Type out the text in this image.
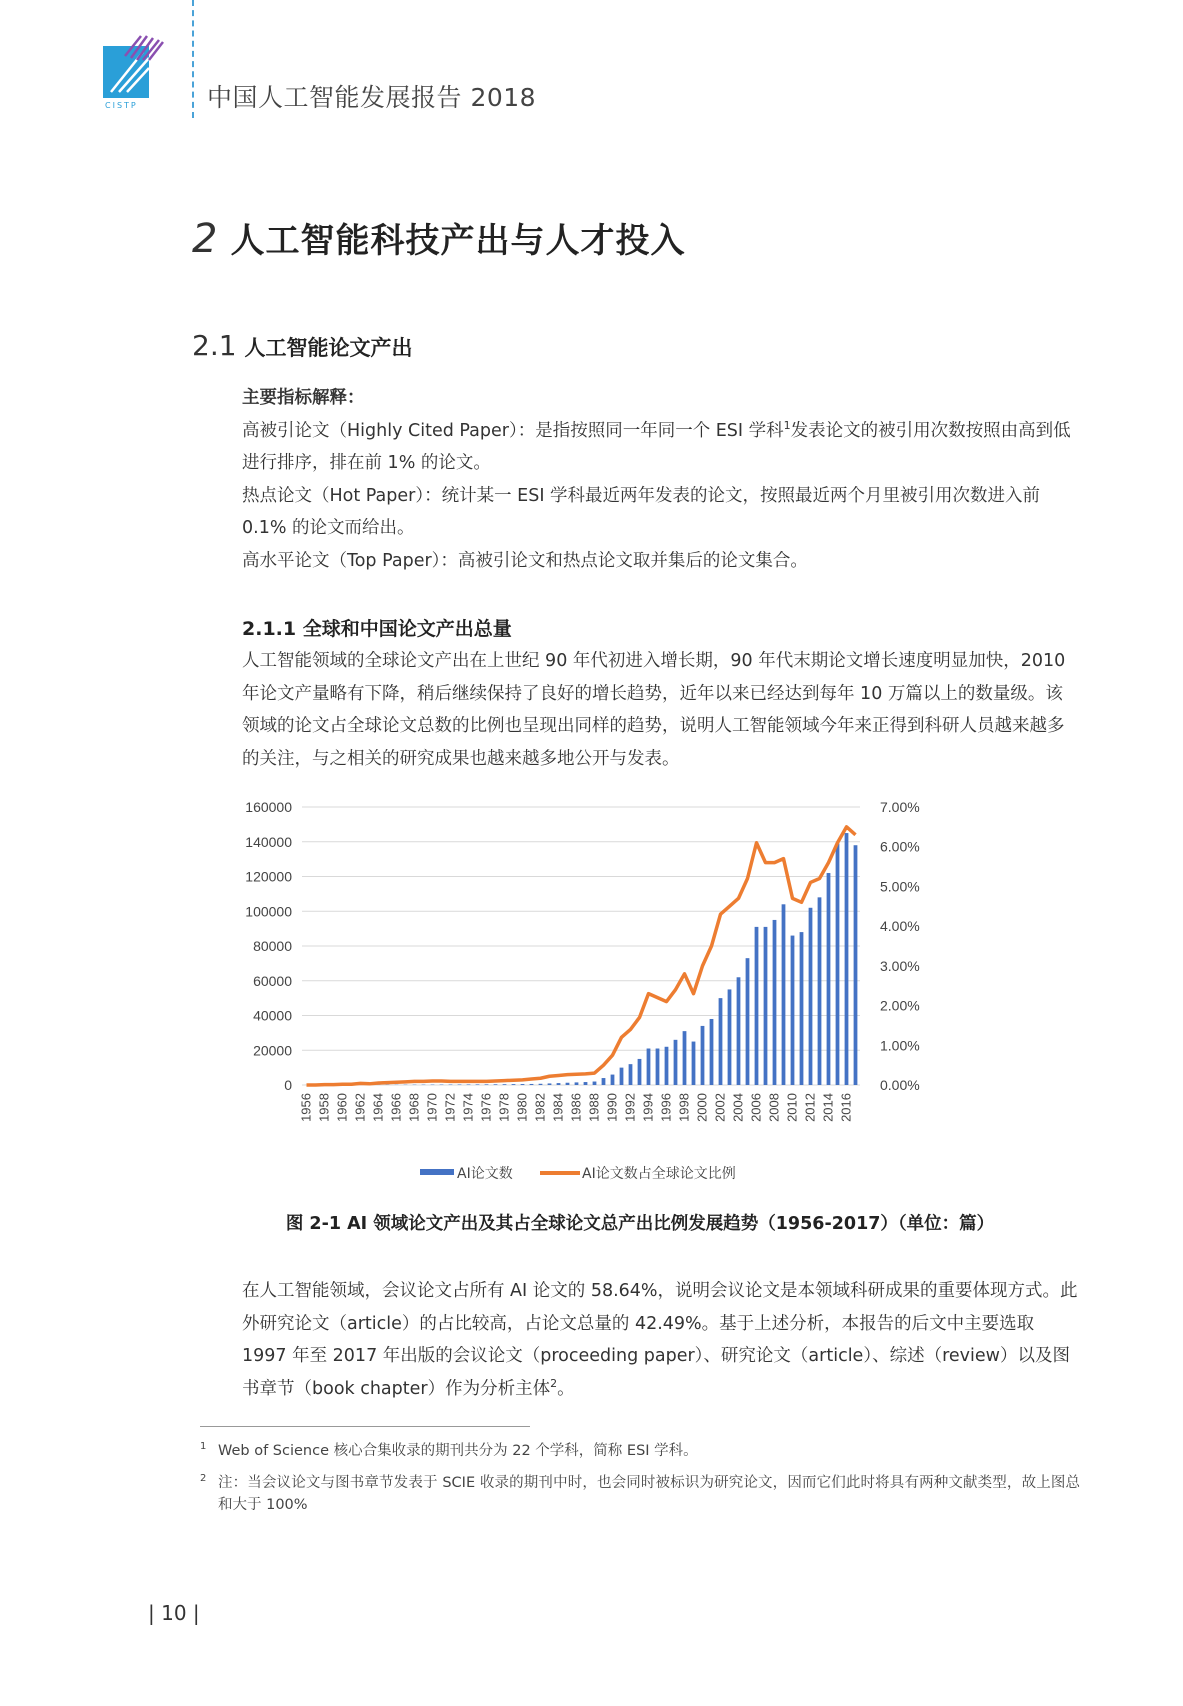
CISTP	中国人工智能发展报告 2018
2 人工智能科技产出与人才投入
2.1 人工智能论文产出

主要指标解释：

高被引论文（Highly Cited Paper）：是指按照同一年同一个 ESI 学科$^1$发表论文的被引用次数按照由高到低进行排序，排在前 1% 的论文。

热点论文（Hot Paper）：统计某一 ESI 学科最近两年发表的论文，按照最近两个月里被引用次数进入前 0.1% 的论文而给出。

高水平论文（Top Paper）：高被引论文和热点论文取并集后的论文集合。

2.1.1 全球和中国论文产出总量

人工智能领域的全球论文产出在上世纪 90 年代初进入增长期，90 年代末期论文增长速度明显加快，2010 年论文产量略有下降，稍后继续保持了良好的增长趋势，近年以来已经达到每年 10 万篇以上的数量级。该领域的论文占全球论文总数的比例也呈现出同样的趋势，说明人工智能领域今年来正得到科研人员越来越多的关注，与之相关的研究成果也越来越多地公开与发表。

0
20000
40000
60000
80000
100000
120000
140000
160000
0.00%
1.00%
2.00%
3.00%
4.00%
5.00%
6.00%
7.00%
1956 1958 1960 1962 1964 1966 1968 1970 1972 1974 1976 1978 1980 1982 1984 1986 1988 1990 1992 1994 1996 1998 2000 2002 2004 2006 2008 2010 2012 2014 2016
AI论文数	AI论文数占全球论文比例
图 2-1 AI 领域论文产出及其占全球论文总产出比例发展趋势（1956-2017）（单位：篇）

在人工智能领域，会议论文占所有 AI 论文的 58.64%，说明会议论文是本领域科研成果的重要体现方式。此外研究论文（article）的占比较高，占论文总量的 42.49%。基于上述分析，本报告的后文中主要选取 1997 年至 2017 年出版的会议论文（proceeding paper）、研究论文（article）、综述（review）以及图书章节（book chapter）作为分析主体$^2$。

1 Web of Science 核心合集收录的期刊共分为 22 个学科，简称 ESI 学科。
2 注：当会议论文与图书章节发表于 SCIE 收录的期刊中时，也会同时被标识为研究论文，因而它们此时将具有两种文献类型，故上图总和大于 100%
| 10 |
